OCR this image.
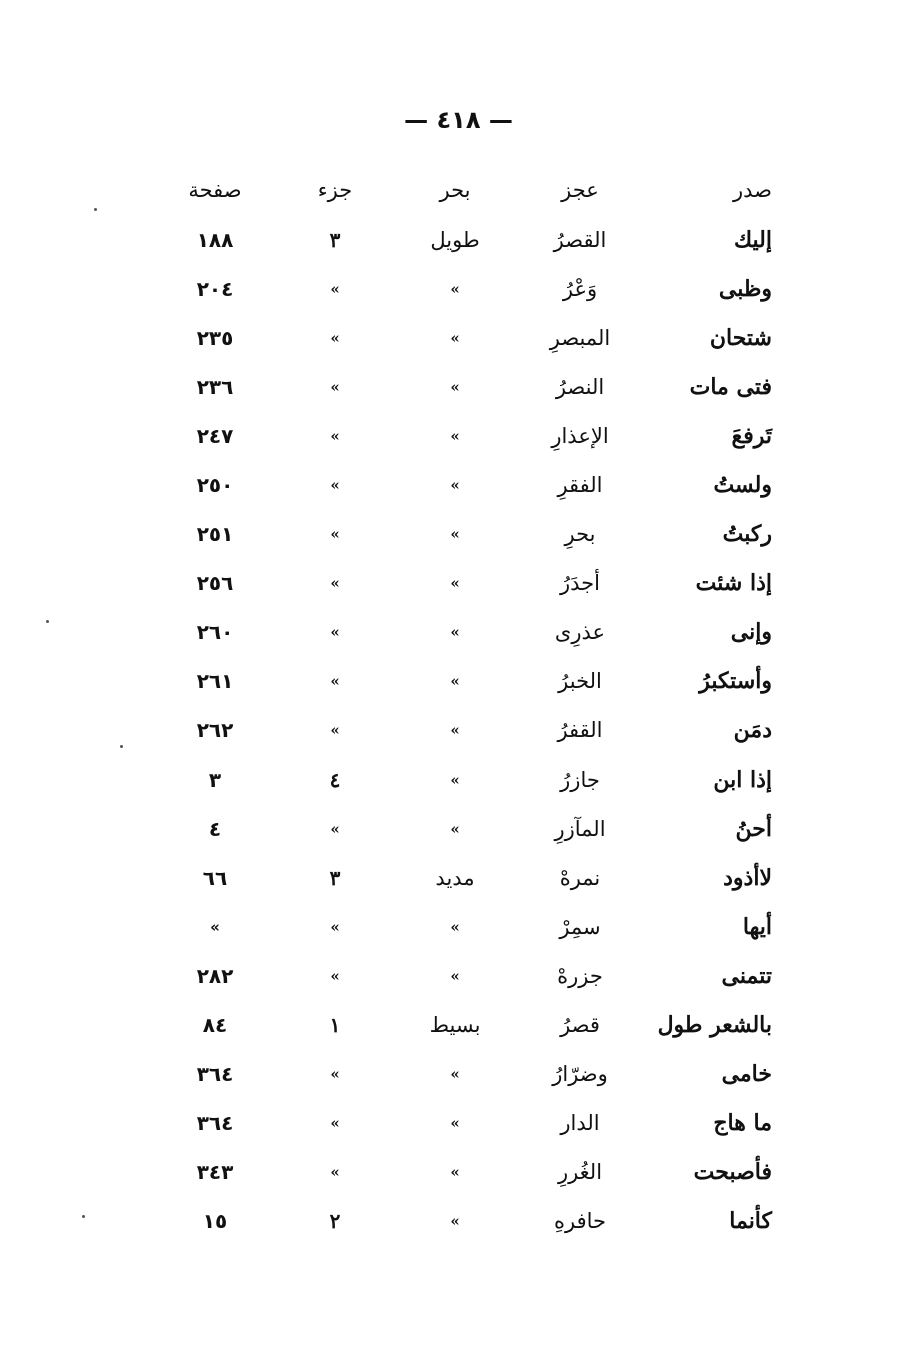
— ٤١٨ —
صدر	عجز	بحر	جزء	صفحة
إليك	القصرُ	طويل	٣	١٨٨
وظبى	وَعْرُ	»	»	٢٠٤
شتحان	المبصرِ	»	»	٢٣٥
فتى مات	النصرُ	»	»	٢٣٦
تَرفعَ	الإعذارِ	»	»	٢٤٧
ولستُ	الفقرِ	»	»	٢٥٠
ركبتُ	بحرِ	»	»	٢٥١
إذا شئت	أجدَرُ	»	»	٢٥٦
وإنى	عذرِى	»	»	٢٦٠
وأستكبرُ	الخبرُ	»	»	٢٦١
دمَن	القفرُ	»	»	٢٦٢
إذا ابن	جازرُ	»	٤	٣
أحنُ	المآزرِ	»	»	٤
لاأذود	نمرهْ	مديد	٣	٦٦
أيها	سمِرْ	»	»	»
تتمنى	جزرهْ	»	»	٢٨٢
بالشعر طول	قصرُ	بسيط	١	٨٤
خامى	وضرّارُ	»	»	٣٦٤
ما هاج	الدار	»	»	٣٦٤
فأصبحت	الغُررِ	»	»	٣٤٣
كأنما	حافرهِ	»	٢	١٥
